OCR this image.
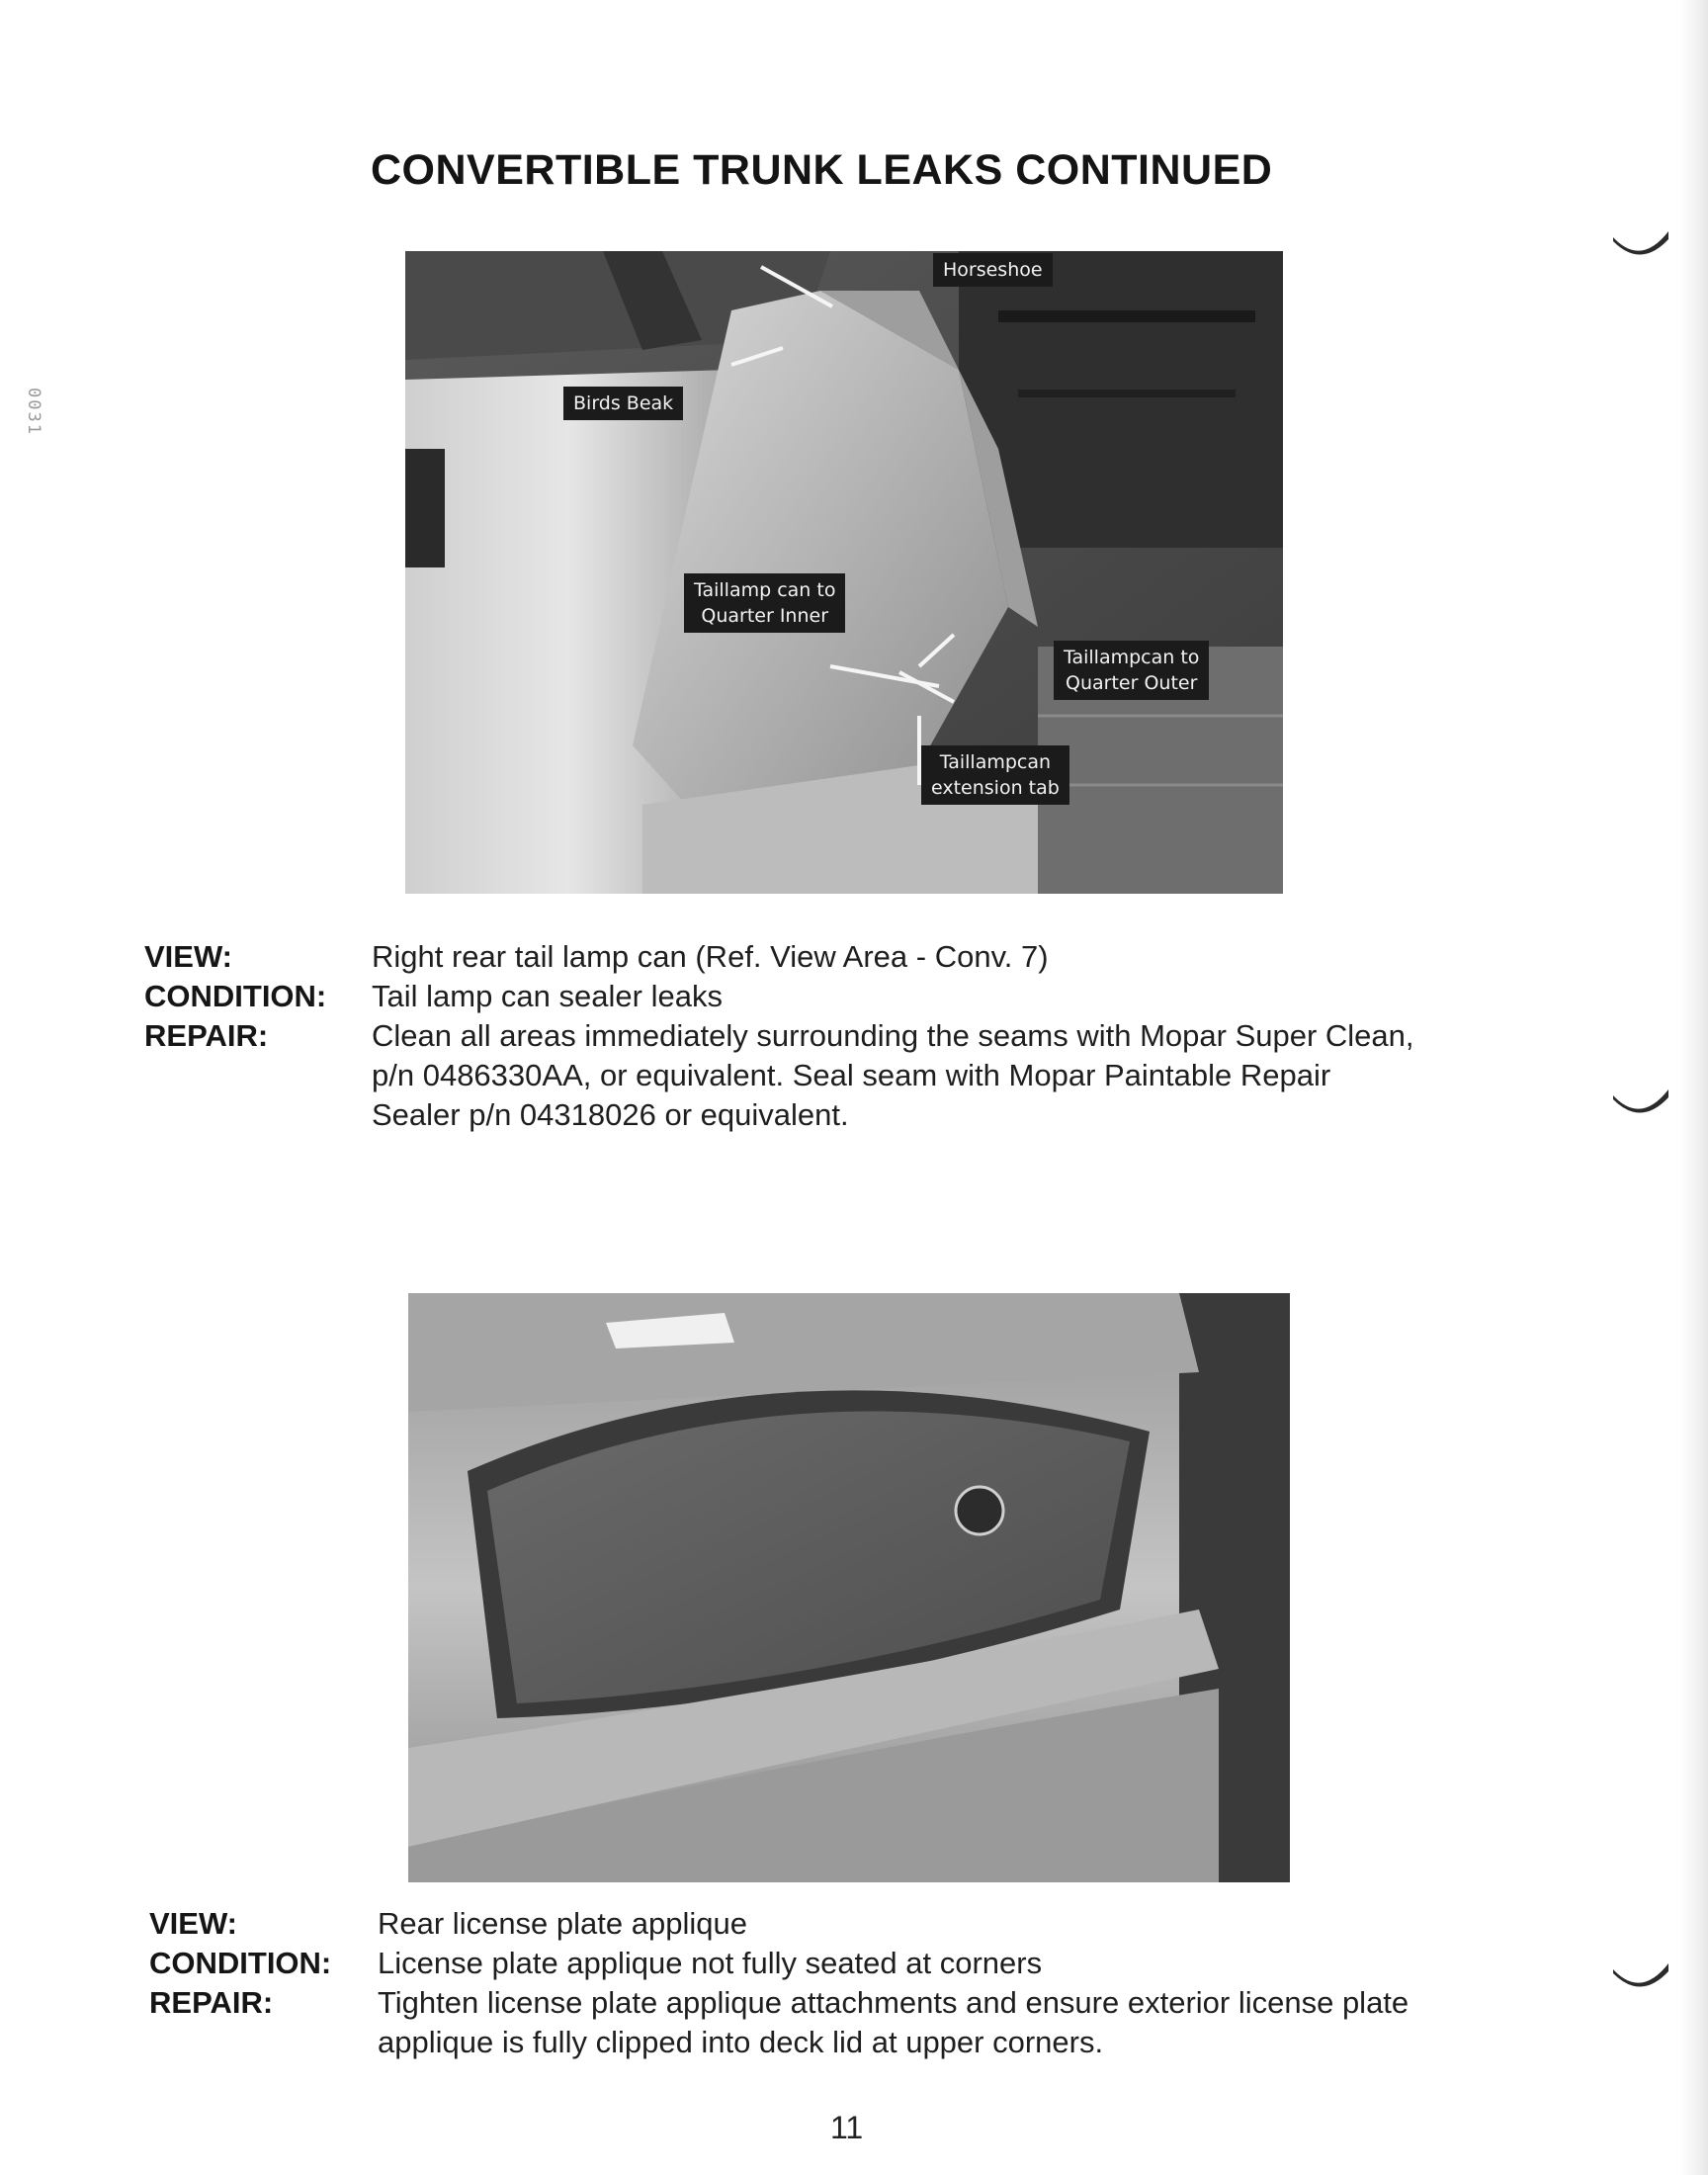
0031
CONVERTIBLE TRUNK LEAKS CONTINUED
Horseshoe
Birds Beak
Taillamp can to
Quarter Inner
Taillampcan to
Quarter Outer
Taillampcan
extension tab
VIEW:	Right rear tail lamp can (Ref. View Area - Conv. 7)
CONDITION: Tail lamp can sealer leaks
REPAIR:	Clean all areas immediately surrounding the seams with Mopar Super Clean,
p/n 0486330AA, or equivalent. Seal seam with Mopar Paintable Repair
Sealer p/n 04318026 or equivalent.
VIEW:	Rear license plate applique
CONDITION: License plate applique not fully seated at corners
REPAIR:	Tighten license plate applique attachments and ensure exterior license plate
applique is fully clipped into deck lid at upper corners.
11
